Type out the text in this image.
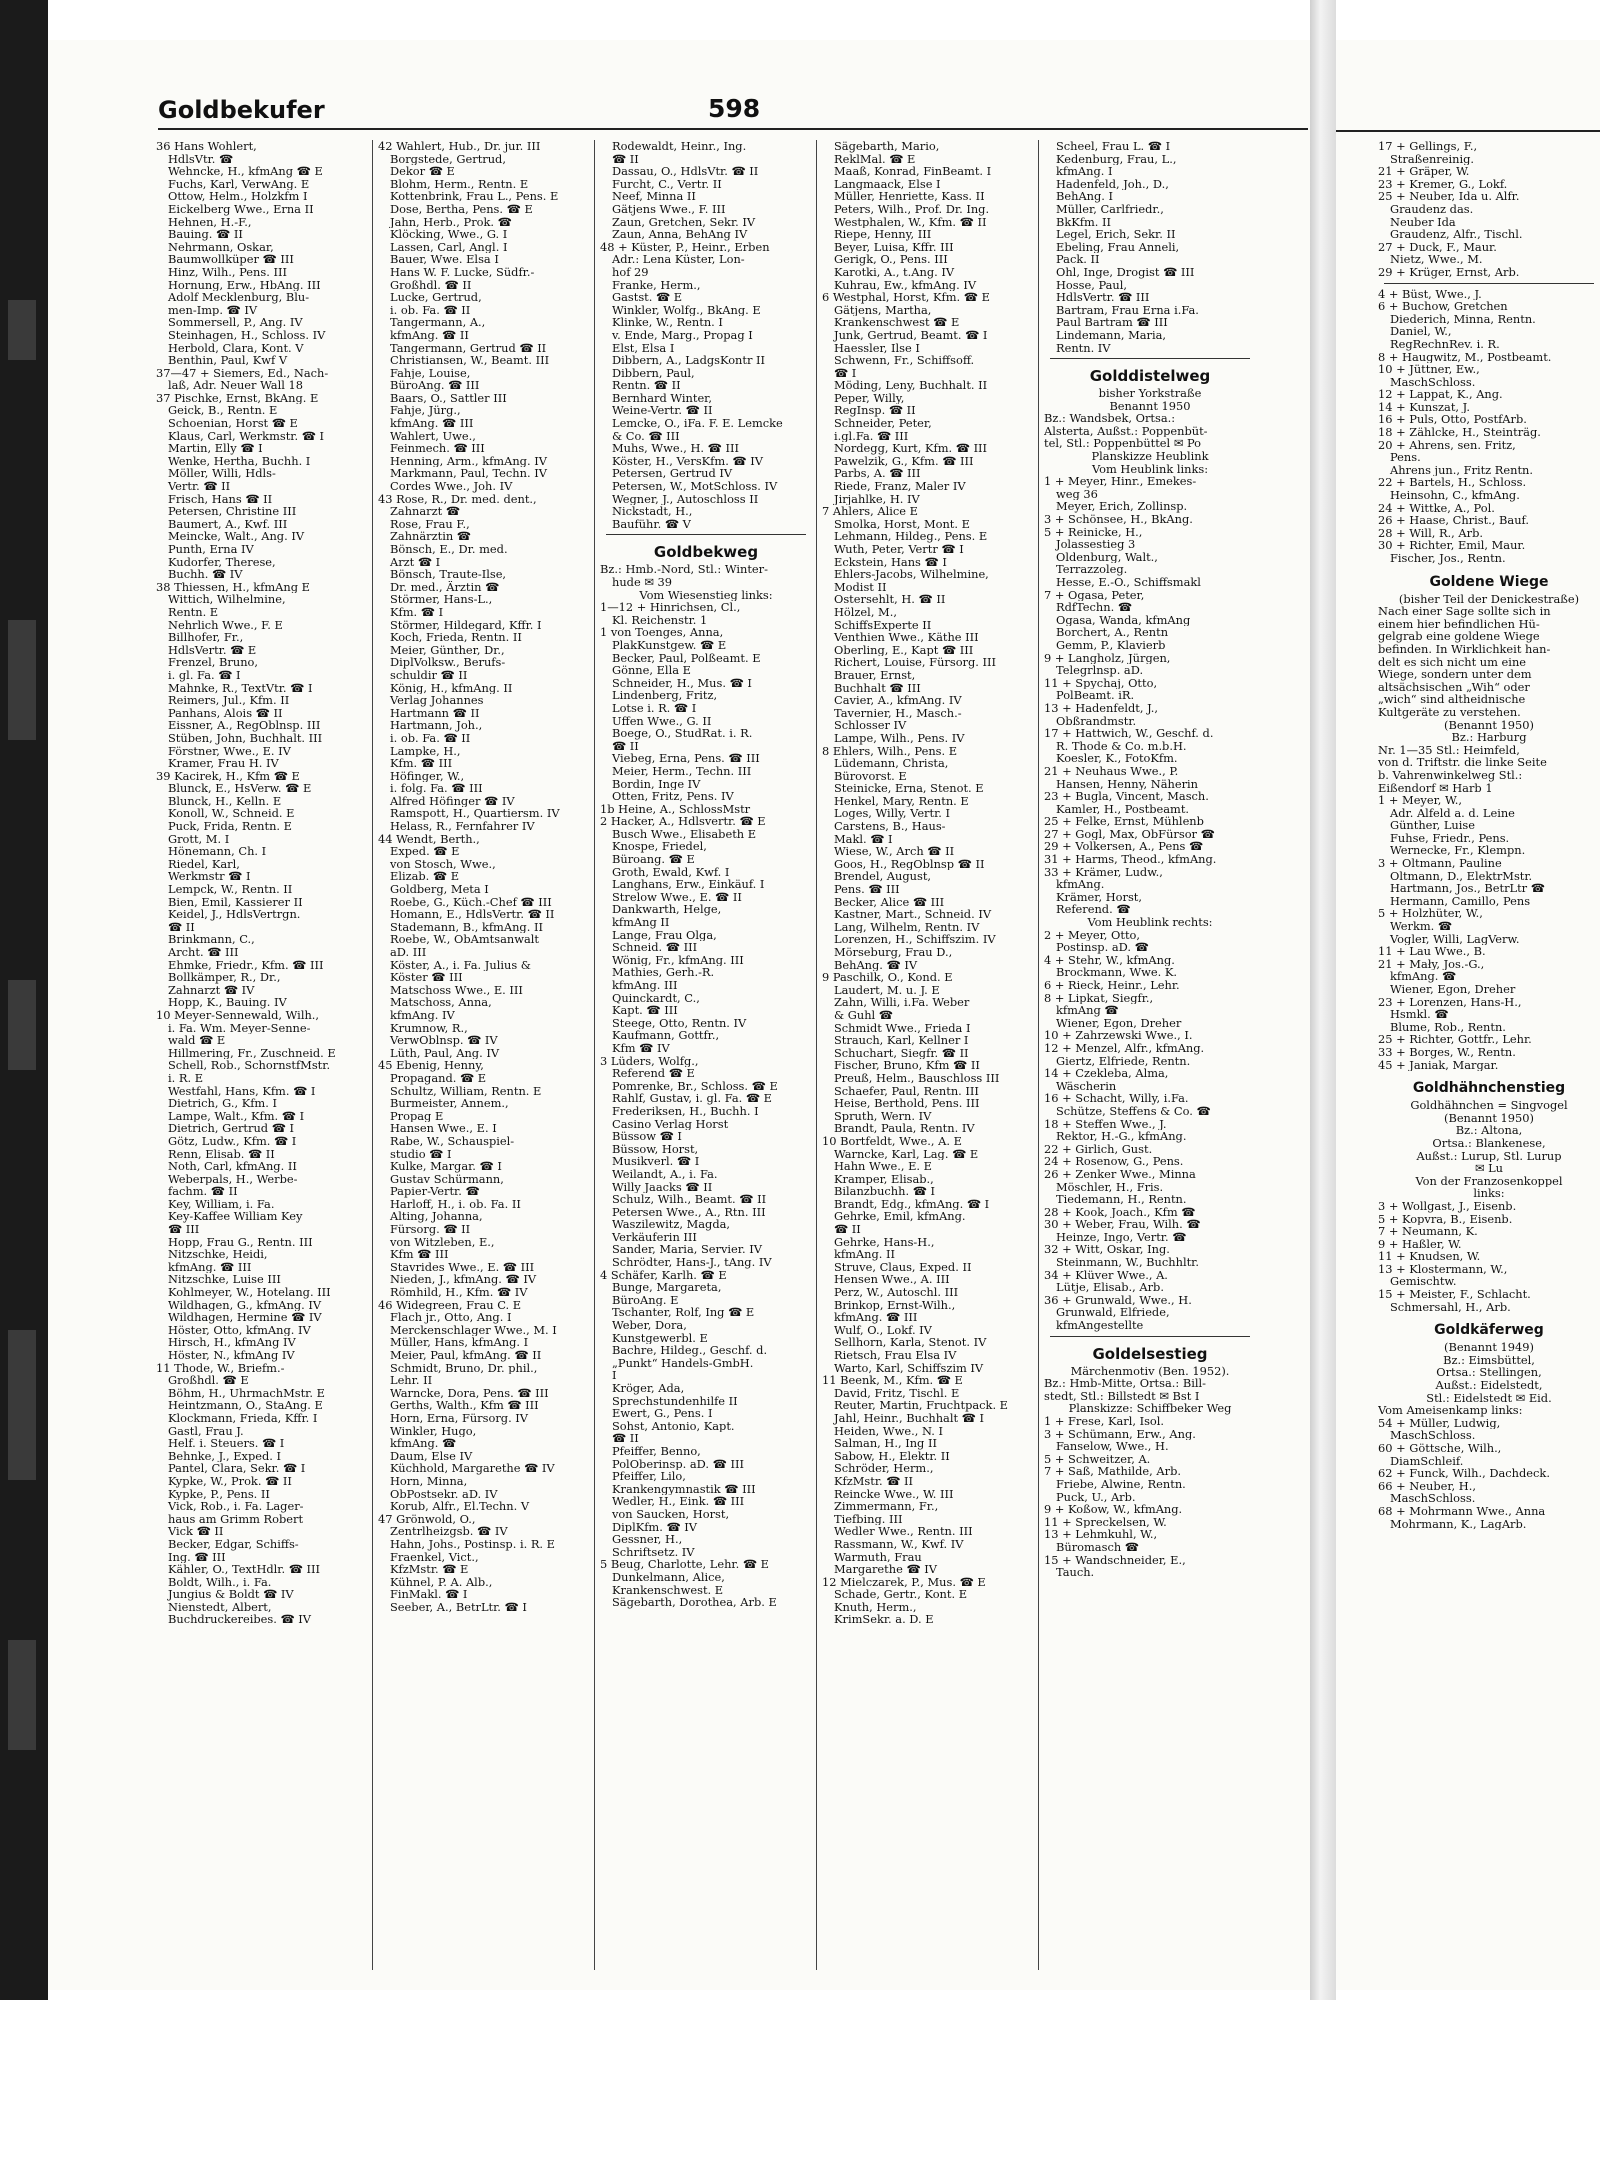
Goldbekufer	598
36 Hans Wohlert,
HdlsVtr. ☎
Wehncke, H., kfmAng ☎ E
Fuchs, Karl, VerwAng. E
Ottow, Helm., Holzkfm I
Eickelberg Wwe., Erna II
Hehnen, H.-F.,
Bauing. ☎ II
Nehrmann, Oskar,
Baumwollküper ☎ III
Hinz, Wilh., Pens. III
Hornung, Erw., HbAng. III
Adolf Mecklenburg, Blu-
men-Imp. ☎ IV
Sommersell, P., Ang. IV
Steinhagen, H., Schloss. IV
Herbold, Clara, Kont. V
Benthin, Paul, Kwf V
37—47 + Siemers, Ed., Nach-
laß, Adr. Neuer Wall 18
37 Pischke, Ernst, BkAng. E
Geick, B., Rentn. E
Schoenian, Horst ☎ E
Klaus, Carl, Werkmstr. ☎ I
Martin, Elly ☎ I
Wenke, Hertha, Buchh. I
Möller, Willi, Hdls-
Vertr. ☎ II
Frisch, Hans ☎ II
Petersen, Christine III
Baumert, A., Kwf. III
Meincke, Walt., Ang. IV
Punth, Erna IV
Kudorfer, Therese,
Buchh. ☎ IV
38 Thiessen, H., kfmAng E
Wittich, Wilhelmine,
Rentn. E
Nehrlich Wwe., F. E
Billhofer, Fr.,
HdlsVertr. ☎ E
Frenzel, Bruno,
i. gl. Fa. ☎ I
Mahnke, R., TextVtr. ☎ I
Reimers, Jul., Kfm. II
Panhans, Alois ☎ II
Eissner, A., RegOblnsp. III
Stüben, John, Buchhalt. III
Förstner, Wwe., E. IV
Kramer, Frau H. IV
39 Kacirek, H., Kfm ☎ E
Blunck, E., HsVerw. ☎ E
Blunck, H., Kelln. E
Konoll, W., Schneid. E
Puck, Frida, Rentn. E
Grott, M. I
Hönemann, Ch. I
Riedel, Karl,
Werkmstr ☎ I
Lempck, W., Rentn. II
Bien, Emil, Kassierer II
Keidel, J., HdlsVertrgn.
☎ II
Brinkmann, C.,
Archt. ☎ III
Ehmke, Friedr., Kfm. ☎ III
Bollkämper, R., Dr.,
Zahnarzt ☎ IV
Hopp, K., Bauing. IV
10 Meyer-Sennewald, Wilh.,
i. Fa. Wm. Meyer-Senne-
wald ☎ E
Hillmering, Fr., Zuschneid. E
Schell, Rob., SchornstfMstr.
i. R. E
Westfahl, Hans, Kfm. ☎ I
Dietrich, G., Kfm. I
Lampe, Walt., Kfm. ☎ I
Dietrich, Gertrud ☎ I
Götz, Ludw., Kfm. ☎ I
Renn, Elisab. ☎ II
Noth, Carl, kfmAng. II
Weberpals, H., Werbe-
fachm. ☎ II
Key, William, i. Fa.
Key-Kaffee William Key
☎ III
Hopp, Frau G., Rentn. III
Nitzschke, Heidi,
kfmAng. ☎ III
Nitzschke, Luise III
Kohlmeyer, W., Hotelang. III
Wildhagen, G., kfmAng. IV
Wildhagen, Hermine ☎ IV
Höster, Otto, kfmAng. IV
Hirsch, H., kfmAng IV
Höster, N., kfmAng IV
11 Thode, W., Briefm.-
Großhdl. ☎ E
Böhm, H., UhrmachMstr. E
Heintzmann, O., StaAng. E
Klockmann, Frieda, Kffr. I
Gastl, Frau J.
Helf. i. Steuers. ☎ I
Behnke, J., Exped. I
Pantel, Clara, Sekr. ☎ I
Kypke, W., Prok. ☎ II
Kypke, P., Pens. II
Vick, Rob., i. Fa. Lager-
haus am Grimm Robert
Vick ☎ II
Becker, Edgar, Schiffs-
Ing. ☎ III
Kähler, O., TextHdlr. ☎ III
Boldt, Wilh., i. Fa.
Jungius & Boldt ☎ IV
Nienstedt, Albert,
Buchdruckereibes. ☎ IV
42 Wahlert, Hub., Dr. jur. III
Borgstede, Gertrud,
Dekor ☎ E
Blohm, Herm., Rentn. E
Kottenbrink, Frau L., Pens. E
Dose, Bertha, Pens. ☎ E
Jahn, Herb., Prok. ☎
Klöcking, Wwe., G. I
Lassen, Carl, Angl. I
Bauer, Wwe. Elsa I
Hans W. F. Lucke, Südfr.-
Großhdl. ☎ II
Lucke, Gertrud,
i. ob. Fa. ☎ II
Tangermann, A.,
kfmAng. ☎ II
Tangermann, Gertrud ☎ II
Christiansen, W., Beamt. III
Fahje, Louise,
BüroAng. ☎ III
Baars, O., Sattler III
Fahje, Jürg.,
kfmAng. ☎ III
Wahlert, Uwe.,
Feinmech. ☎ III
Henning, Arm., kfmAng. IV
Markmann, Paul, Techn. IV
Cordes Wwe., Joh. IV
43 Rose, R., Dr. med. dent.,
Zahnarzt ☎
Rose, Frau F.,
Zahnärztin ☎
Bönsch, E., Dr. med.
Arzt ☎ I
Bönsch, Traute-Ilse,
Dr. med., Ärztin ☎
Störmer, Hans-L.,
Kfm. ☎ I
Störmer, Hildegard, Kffr. I
Koch, Frieda, Rentn. II
Meier, Günther, Dr.,
DiplVolksw., Berufs-
schuldir ☎ II
König, H., kfmAng. II
Verlag Johannes
Hartmann ☎ II
Hartmann, Joh.,
i. ob. Fa. ☎ II
Lampke, H.,
Kfm. ☎ III
Höfinger, W.,
i. folg. Fa. ☎ III
Alfred Höfinger ☎ IV
Ramspott, H., Quartiersm. IV
Helass, R., Fernfahrer IV
44 Wendt, Berth.,
Exped. ☎ E
von Stosch, Wwe.,
Elizab. ☎ E
Goldberg, Meta I
Roebe, G., Küch.-Chef ☎ III
Homann, E., HdlsVertr. ☎ II
Stademann, B., kfmAng. II
Roebe, W., ObAmtsanwalt
aD. III
Köster, A., i. Fa. Julius &
Köster ☎ III
Matschoss Wwe., E. III
Matschoss, Anna,
kfmAng. IV
Krumnow, R.,
VerwOblnsp. ☎ IV
Lüth, Paul, Ang. IV
45 Ebenig, Henny,
Propagand. ☎ E
Schultz, William, Rentn. E
Burmeister, Annem.,
Propag E
Hansen Wwe., E. I
Rabe, W., Schauspiel-
studio ☎ I
Kulke, Margar. ☎ I
Gustav Schürmann,
Papier-Vertr. ☎
Harloff, H., i. ob. Fa. II
Alting, Johanna,
Fürsorg. ☎ II
von Witzleben, E.,
Kfm ☎ III
Stavrides Wwe., E. ☎ III
Nieden, J., kfmAng. ☎ IV
Römhild, H., Kfm. ☎ IV
46 Widegreen, Frau C. E
Flach jr., Otto, Ang. I
Merckenschlager Wwe., M. I
Müller, Hans, kfmAng. I
Meier, Paul, kfmAng. ☎ II
Schmidt, Bruno, Dr. phil.,
Lehr. II
Warncke, Dora, Pens. ☎ III
Gerths, Walth., Kfm ☎ III
Horn, Erna, Fürsorg. IV
Winkler, Hugo,
kfmAng. ☎
Daum, Else IV
Küchhold, Margarethe ☎ IV
Horn, Minna,
ObPostsekr. aD. IV
Korub, Alfr., El.Techn. V
47 Grönwold, O.,
Zentrlheizgsb. ☎ IV
Hahn, Johs., Postinsp. i. R. E
Fraenkel, Vict.,
KfzMstr. ☎ E
Kühnel, P. A. Alb.,
FinMakl. ☎ I
Seeber, A., BetrLtr. ☎ I
Rodewaldt, Heinr., Ing.
☎ II
Dassau, O., HdlsVtr. ☎ II
Furcht, C., Vertr. II
Neef, Minna II
Gätjens Wwe., F. III
Zaun, Gretchen, Sekr. IV
Zaun, Anna, BehAng IV
48 + Küster, P., Heinr., Erben
Adr.: Lena Küster, Lon-
hof 29
Franke, Herm.,
Gastst. ☎ E
Winkler, Wolfg., BkAng. E
Klinke, W., Rentn. I
v. Ende, Marg., Propag I
Elst, Elsa I
Dibbern, A., LadgsKontr II
Dibbern, Paul,
Rentn. ☎ II
Bernhard Winter,
Weine-Vertr. ☎ II
Lemcke, O., iFa. F. E. Lemcke
& Co. ☎ III
Muhs, Wwe., H. ☎ III
Köster, H., VersKfm. ☎ IV
Petersen, Gertrud IV
Petersen, W., MotSchloss. IV
Wegner, J., Autoschloss II
Nickstadt, H.,
Bauführ. ☎ V
Goldbekweg
Bz.: Hmb.-Nord, Stl.: Winter-
hude ✉ 39
Vom Wiesenstieg links:
1—12 + Hinrichsen, Cl.,
Kl. Reichenstr. 1
1 von Toenges, Anna,
PlakKunstgew. ☎ E
Becker, Paul, Polßeamt. E
Gönne, Ella E
Schneider, H., Mus. ☎ I
Lindenberg, Fritz,
Lotse i. R. ☎ I
Uffen Wwe., G. II
Boege, O., StudRat. i. R.
☎ II
Viebeg, Erna, Pens. ☎ III
Meier, Herm., Techn. III
Bordin, Inge IV
Otten, Fritz, Pens. IV
1b Heine, A., SchlossMstr
2 Hacker, A., Hdlsvertr. ☎ E
Busch Wwe., Elisabeth E
Knospe, Friedel,
Büroang. ☎ E
Groth, Ewald, Kwf. I
Langhans, Erw., Einkäuf. I
Strelow Wwe., E. ☎ II
Dankwarth, Helge,
kfmAng II
Lange, Frau Olga,
Schneid. ☎ III
Wönig, Fr., kfmAng. III
Mathies, Gerh.-R.
kfmAng. III
Quinckardt, C.,
Kapt. ☎ III
Steege, Otto, Rentn. IV
Kaufmann, Gottfr.,
Kfm ☎ IV
3 Lüders, Wolfg.,
Referend ☎ E
Pomrenke, Br., Schloss. ☎ E
Rahlf, Gustav, i. gl. Fa. ☎ E
Frederiksen, H., Buchh. I
Casino Verlag Horst
Büssow ☎ I
Büssow, Horst,
Musikverl. ☎ I
Weilandt, A., i. Fa.
Willy Jaacks ☎ II
Schulz, Wilh., Beamt. ☎ II
Petersen Wwe., A., Rtn. III
Waszilewitz, Magda,
Verkäuferin III
Sander, Maria, Servier. IV
Schrödter, Hans-J., tAng. IV
4 Schäfer, Karlh. ☎ E
Bunge, Margareta,
BüroAng. E
Tschanter, Rolf, Ing ☎ E
Weber, Dora,
Kunstgewerbl. E
Bachre, Hildeg., Geschf. d.
„Punkt“ Handels-GmbH.
I
Kröger, Ada,
Sprechstundenhilfe II
Ewert, G., Pens. I
Sohst, Antonio, Kapt.
☎ II
Pfeiffer, Benno,
PolOberinsp. aD. ☎ III
Pfeiffer, Lilo,
Krankengymnastik ☎ III
Wedler, H., Eink. ☎ III
von Saucken, Horst,
DiplKfm. ☎ IV
Gessner, H.,
Schriftsetz. IV
5 Beug, Charlotte, Lehr. ☎ E
Dunkelmann, Alice,
Krankenschwest. E
Sägebarth, Dorothea, Arb. E
Sägebarth, Mario,
ReklMal. ☎ E
Maaß, Konrad, FinBeamt. I
Langmaack, Else I
Müller, Henriette, Kass. II
Peters, Wilh., Prof. Dr. Ing.
Westphalen, W., Kfm. ☎ II
Riepe, Henny, III
Beyer, Luisa, Kffr. III
Gerigk, O., Pens. III
Karotki, A., t.Ang. IV
Kuhrau, Ew., kfmAng. IV
6 Westphal, Horst, Kfm. ☎ E
Gätjens, Martha,
Krankenschwest ☎ E
Junk, Gertrud, Beamt. ☎ I
Haessler, Ilse I
Schwenn, Fr., Schiffsoff.
☎ I
Möding, Leny, Buchhalt. II
Peper, Willy,
RegInsp. ☎ II
Schneider, Peter,
i.gl.Fa. ☎ III
Nordegg, Kurt, Kfm. ☎ III
Pawelzik, G., Kfm. ☎ III
Parbs, A. ☎ III
Riede, Franz, Maler IV
Jirjahlke, H. IV
7 Ahlers, Alice E
Smolka, Horst, Mont. E
Lehmann, Hildeg., Pens. E
Wuth, Peter, Vertr ☎ I
Eckstein, Hans ☎ I
Ehlers-Jacobs, Wilhelmine,
Modist II
Ostersehlt, H. ☎ II
Hölzel, M.,
SchiffsExperte II
Venthien Wwe., Käthe III
Oberling, E., Kapt ☎ III
Richert, Louise, Fürsorg. III
Brauer, Ernst,
Buchhalt ☎ III
Cavier, A., kfmAng. IV
Tavernier, H., Masch.-
Schlosser IV
Lampe, Wilh., Pens. IV
8 Ehlers, Wilh., Pens. E
Lüdemann, Christa,
Bürovorst. E
Steinicke, Erna, Stenot. E
Henkel, Mary, Rentn. E
Loges, Willy, Vertr. I
Carstens, B., Haus-
Makl. ☎ I
Wiese, W., Arch ☎ II
Goos, H., RegOblnsp ☎ II
Brendel, August,
Pens. ☎ III
Becker, Alice ☎ III
Kastner, Mart., Schneid. IV
Lang, Wilhelm, Rentn. IV
Lorenzen, H., Schiffszim. IV
Mörseburg, Frau D.,
BehAng. ☎ IV
9 Paschilk, O., Kond. E
Laudert, M. u. J. E
Zahn, Willi, i.Fa. Weber
& Guhl ☎
Schmidt Wwe., Frieda I
Strauch, Karl, Kellner I
Schuchart, Siegfr. ☎ II
Fischer, Bruno, Kfm ☎ II
Preuß, Helm., Bauschloss III
Schaefer, Paul, Rentn. III
Heise, Berthold, Pens. III
Spruth, Wern. IV
Brandt, Paula, Rentn. IV
10 Bortfeldt, Wwe., A. E
Warncke, Karl, Lag. ☎ E
Hahn Wwe., E. E
Kramper, Elisab.,
Bilanzbuchh. ☎ I
Brandt, Edg., kfmAng. ☎ I
Gehrke, Emil, kfmAng.
☎ II
Gehrke, Hans-H.,
kfmAng. II
Struve, Claus, Exped. II
Hensen Wwe., A. III
Perz, W., Autoschl. III
Brinkop, Ernst-Wilh.,
kfmAng. ☎ III
Wulf, O., Lokf. IV
Sellhorn, Karla, Stenot. IV
Rietsch, Frau Elsa IV
Warto, Karl, Schiffszim IV
11 Beenk, M., Kfm. ☎ E
David, Fritz, Tischl. E
Reuter, Martin, Fruchtpack. E
Jahl, Heinr., Buchhalt ☎ I
Heiden, Wwe., N. I
Salman, H., Ing II
Sabow, H., Elektr. II
Schröder, Herm.,
KfzMstr. ☎ II
Reincke Wwe., W. III
Zimmermann, Fr.,
Tiefbing. III
Wedler Wwe., Rentn. III
Rassmann, W., Kwf. IV
Warmuth, Frau
Margarethe ☎ IV
12 Mielczarek, P., Mus. ☎ E
Schade, Gertr., Kont. E
Knuth, Herm.,
KrimSekr. a. D. E
Scheel, Frau L. ☎ I
Kedenburg, Frau, L.,
kfmAng. I
Hadenfeld, Joh., D.,
BehAng. I
Müller, Carlfriedr.,
BkKfm. II
Legel, Erich, Sekr. II
Ebeling, Frau Anneli,
Pack. II
Ohl, Inge, Drogist ☎ III
Hosse, Paul,
HdlsVertr. ☎ III
Bartram, Frau Erna i.Fa.
Paul Bartram ☎ III
Lindemann, Maria,
Rentn. IV
Golddistelweg
bisher Yorkstraße
Benannt 1950
Bz.: Wandsbek, Ortsa.:
Alsterta, Außst.: Poppenbüt-
tel, Stl.: Poppenbüttel ✉ Po
Planskizze Heublink
Vom Heublink links:
1 + Meyer, Hinr., Emekes-
weg 36
Meyer, Erich, Zollinsp.
3 + Schönsee, H., BkAng.
5 + Reinicke, H.,
Jolassestieg 3
Oldenburg, Walt.,
Terrazzoleg.
Hesse, E.-O., Schiffsmakl
7 + Ogasa, Peter,
RdfTechn. ☎
Ogasa, Wanda, kfmAng
Borchert, A., Rentn
Gemm, P., Klavierb
9 + Langholz, Jürgen,
Telegrlnsp. aD.
11 + Spychaj, Otto,
PolBeamt. iR.
13 + Hadenfeldt, J.,
Obßrandmstr.
17 + Hattwich, W., Geschf. d.
R. Thode & Co. m.b.H.
Koesler, K., FotoKfm.
21 + Neuhaus Wwe., P.
Hansen, Henny, Näherin
23 + Bugla, Vincent, Masch.
Kamler, H., Postbeamt.
25 + Felke, Ernst, Mühlenb
27 + Gogl, Max, ObFürsor ☎
29 + Volkersen, A., Pens ☎
31 + Harms, Theod., kfmAng.
33 + Krämer, Ludw.,
kfmAng.
Krämer, Horst,
Referend. ☎
Vom Heublink rechts:
2 + Meyer, Otto,
Postinsp. aD. ☎
4 + Stehr, W., kfmAng.
Brockmann, Wwe. K.
6 + Rieck, Heinr., Lehr.
8 + Lipkat, Siegfr.,
kfmAng ☎
Wiener, Egon, Dreher
10 + Zahrzewski Wwe., I.
12 + Menzel, Alfr., kfmAng.
Giertz, Elfriede, Rentn.
14 + Czekleba, Alma,
Wäscherin
16 + Schacht, Willy, i.Fa.
Schütze, Steffens & Co. ☎
18 + Steffen Wwe., J.
Rektor, H.-G., kfmAng.
22 + Girlich, Gust.
24 + Rosenow, G., Pens.
26 + Zenker Wwe., Minna
Möschler, H., Fris.
Tiedemann, H., Rentn.
28 + Kook, Joach., Kfm ☎
30 + Weber, Frau, Wilh. ☎
Heinze, Ingo, Vertr. ☎
32 + Witt, Oskar, Ing.
Steinmann, W., Buchhltr.
34 + Klüver Wwe., A.
Lütje, Elisab., Arb.
36 + Grunwald, Wwe., H.
Grunwald, Elfriede,
kfmAngestellte
Goldelsestieg
Märchenmotiv (Ben. 1952).
Bz.: Hmb-Mitte, Ortsa.: Bill-
stedt, Stl.: Billstedt ✉ Bst I
Planskizze: Schiffbeker Weg
1 + Frese, Karl, Isol.
3 + Schümann, Erw., Ang.
Fanselow, Wwe., H.
5 + Schweitzer, A.
7 + Saß, Mathilde, Arb.
Friebe, Alwine, Rentn.
Puck, U., Arb.
9 + Koßow, W., kfmAng.
11 + Spreckelsen, W.
13 + Lehmkuhl, W.,
Büromasch ☎
15 + Wandschneider, E.,
Tauch.
17 + Gellings, F.,
Straßenreinig.
21 + Gräper, W.
23 + Kremer, G., Lokf.
25 + Neuber, Ida u. Alfr.
Graudenz das.
Neuber Ida
Graudenz, Alfr., Tischl.
27 + Duck, F., Maur.
Nietz, Wwe., M.
29 + Krüger, Ernst, Arb.
4 + Büst, Wwe., J.
6 + Buchow, Gretchen
Diederich, Minna, Rentn.
Daniel, W.,
RegRechnRev. i. R.
8 + Haugwitz, M., Postbeamt.
10 + Jüttner, Ew.,
MaschSchloss.
12 + Lappat, K., Ang.
14 + Kunszat, J.
16 + Puls, Otto, PostfArb.
18 + Zählcke, H., Steinträg.
20 + Ahrens, sen. Fritz,
Pens.
Ahrens jun., Fritz Rentn.
22 + Bartels, H., Schloss.
Heinsohn, C., kfmAng.
24 + Wittke, A., Pol.
26 + Haase, Christ., Bauf.
28 + Will, R., Arb.
30 + Richter, Emil, Maur.
Fischer, Jos., Rentn.
Goldene Wiege
(bisher Teil der Denickestraße)
Nach einer Sage sollte sich in
einem hier befindlichen Hü-
gelgrab eine goldene Wiege
befinden. In Wirklichkeit han-
delt es sich nicht um eine
Wiege, sondern unter dem
altsächsischen „Wih“ oder
„wich“ sind altheidnische
Kultgeräte zu verstehen.
(Benannt 1950)
Bz.: Harburg
Nr. 1—35 Stl.: Heimfeld,
von d. Triftstr. die linke Seite
b. Vahrenwinkelweg Stl.:
Eißendorf ✉ Harb 1
1 + Meyer, W.,
Adr. Alfeld a. d. Leine
Günther, Luise
Fuhse, Friedr., Pens.
Wernecke, Fr., Klempn.
3 + Oltmann, Pauline
Oltmann, D., ElektrMstr.
Hartmann, Jos., BetrLtr ☎
Hermann, Camillo, Pens
5 + Holzhüter, W.,
Werkm. ☎
Vogler, Willi, LagVerw.
11 + Lau Wwe., B.
21 + Mały, Jos.-G.,
kfmAng. ☎
Wiener, Egon, Dreher
23 + Lorenzen, Hans-H.,
Hsmkl. ☎
Blume, Rob., Rentn.
25 + Richter, Gottfr., Lehr.
33 + Borges, W., Rentn.
45 + Janiak, Margar.
Goldhähnchenstieg
Goldhähnchen = Singvogel
(Benannt 1950)
Bz.: Altona,
Ortsa.: Blankenese,
Außst.: Lurup, Stl. Lurup
✉ Lu
Von der Franzosenkoppel
links:
3 + Wollgast, J., Eisenb.
5 + Kopvra, B., Eisenb.
7 + Neumann, K.
9 + Haßler, W.
11 + Knudsen, W.
13 + Klostermann, W.,
Gemischtw.
15 + Meister, F., Schlacht.
Schmersahl, H., Arb.
Goldkäferweg
(Benannt 1949)
Bz.: Eimsbüttel,
Ortsa.: Stellingen,
Außst.: Eidelstedt,
Stl.: Eidelstedt ✉ Eid.
Vom Ameisenkamp links:
54 + Müller, Ludwig,
MaschSchloss.
60 + Göttsche, Wilh.,
DiamSchleif.
62 + Funck, Wilh., Dachdeck.
66 + Neuber, H.,
MaschSchloss.
68 + Mohrmann Wwe., Anna
Mohrmann, K., LagArb.
